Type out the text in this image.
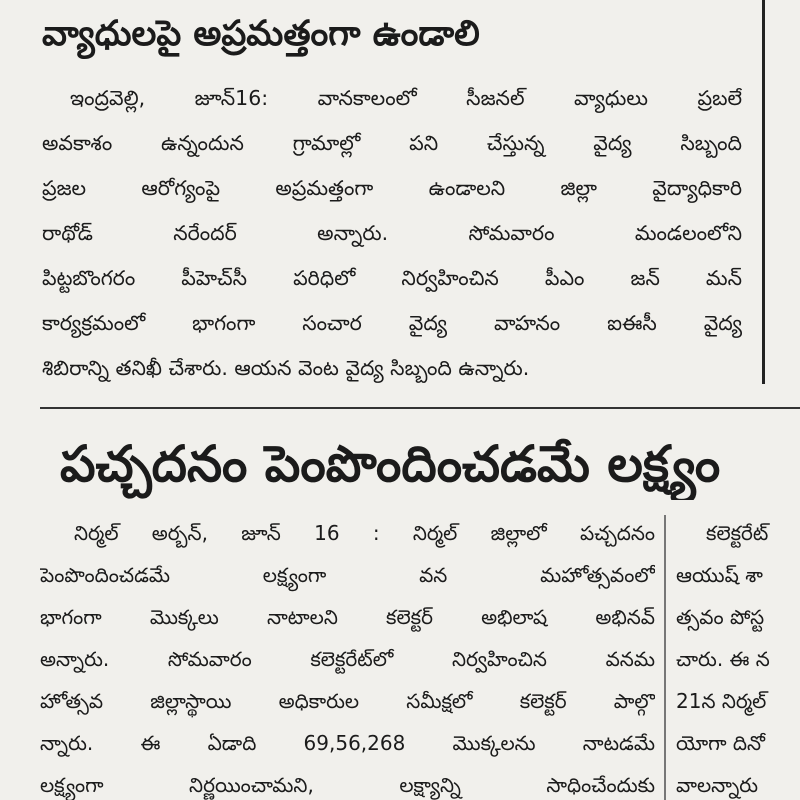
వ్యాధులపై అప్రమత్తంగా ఉండాలి
ఇంద్రవెల్లి, జూన్16: వానకాలంలో సీజనల్ వ్యాధులు ప్రబలే
అవకాశం ఉన్నందున గ్రామాల్లో పని చేస్తున్న వైద్య సిబ్బంది
ప్రజల ఆరోగ్యంపై అప్రమత్తంగా ఉండాలని జిల్లా వైద్యాధికారి
రాథోడ్ నరేందర్ అన్నారు. సోమవారం మండలంలోని
పిట్టబొంగరం పీహెచ్‌సీ పరిధిలో నిర్వహించిన పీఎం జన్ మన్
కార్యక్రమంలో భాగంగా సంచార వైద్య వాహనం ఐఈసీ వైద్య
శిబిరాన్ని తనిఖీ చేశారు. ఆయన వెంట వైద్య సిబ్బంది ఉన్నారు.
పచ్చదనం పెంపొందించడమే లక్ష్యం
నిర్మల్ అర్బన్, జూన్ 16 : నిర్మల్ జిల్లాలో పచ్చదనం
పెంపొందించడమే లక్ష్యంగా వన మహోత్సవంలో
భాగంగా మొక్కలు నాటాలని కలెక్టర్ అభిలాష అభినవ్
అన్నారు. సోమవారం కలెక్టరేట్‌లో నిర్వహించిన వనమ
హోత్సవ జిల్లాస్థాయి అధికారుల సమీక్షలో కలెక్టర్ పాల్గొ
న్నారు. ఈ ఏడాది 69,56,268 మొక్కలను నాటడమే
లక్ష్యంగా నిర్ణయించామని, లక్ష్యాన్ని సాధించేందుకు
కలెక్టరేట్
ఆయుష్ శా
త్సవం పోస్ట
చారు. ఈ న
21న నిర్మల్
యోగా దినో
వాలన్నారు
